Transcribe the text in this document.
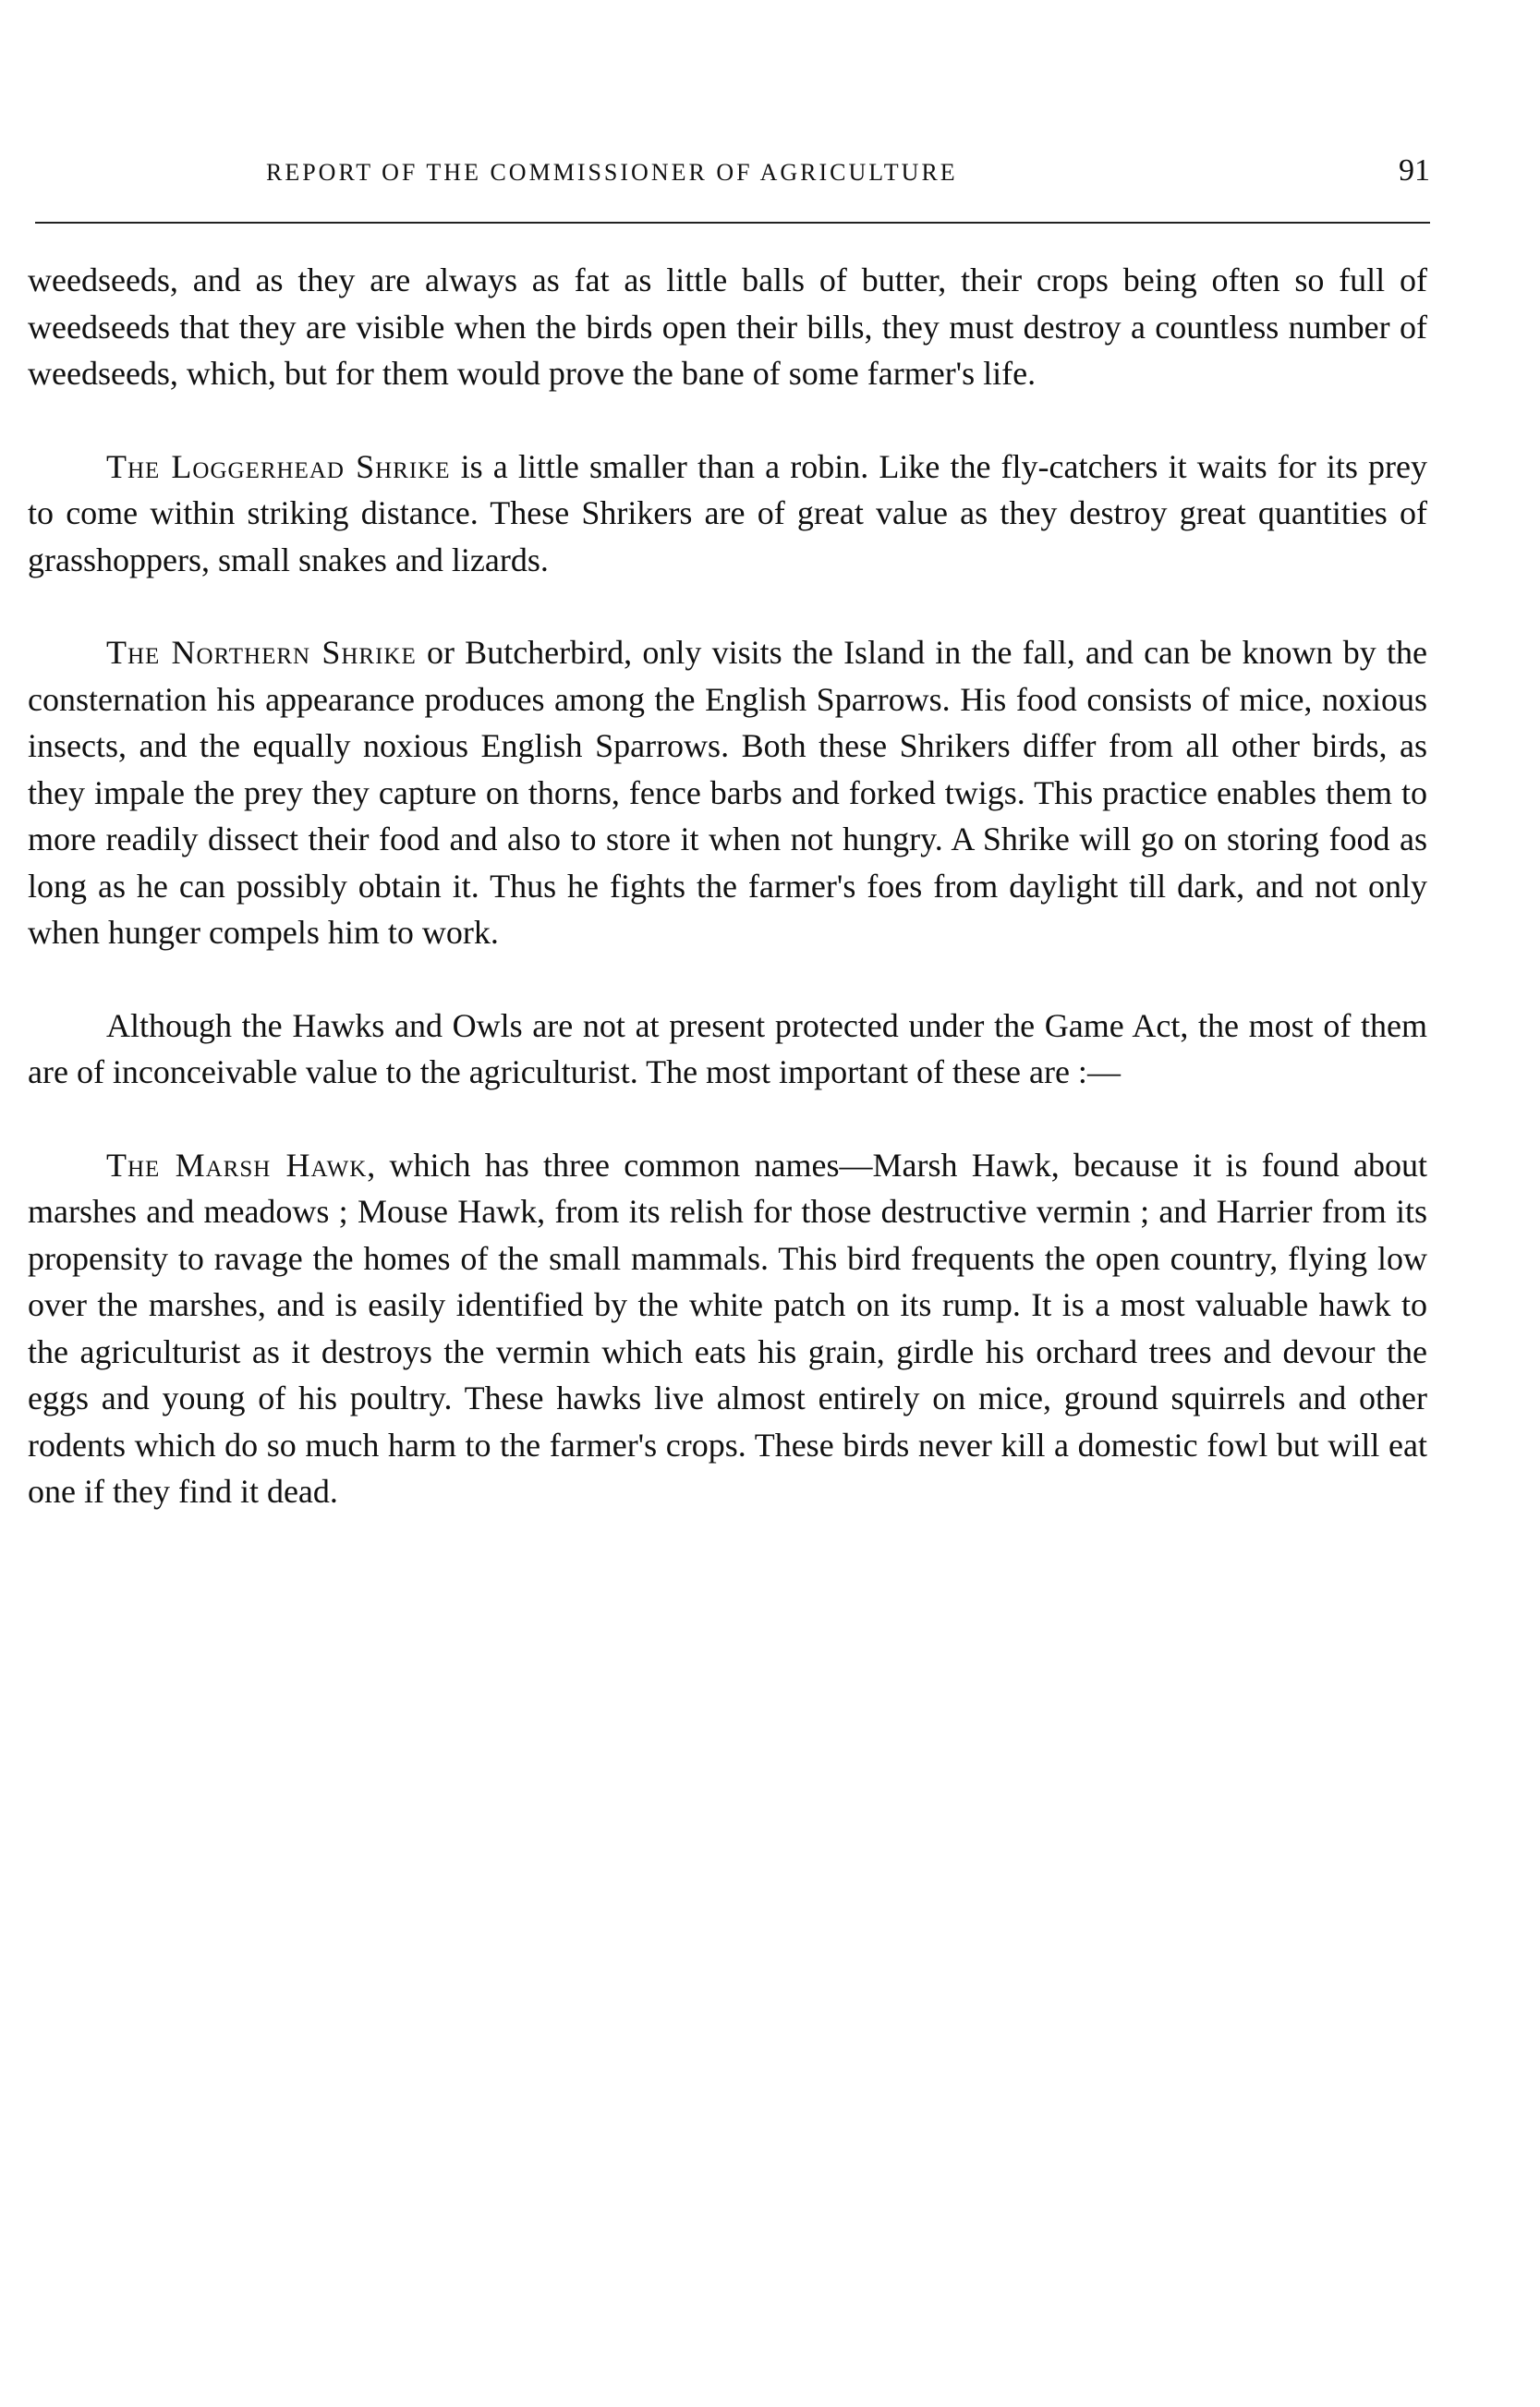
REPORT OF THE COMMISSIONER OF AGRICULTURE	91

weedseeds, and as they are always as fat as little balls of butter, their crops being often so full of weedseeds that they are visible when the birds open their bills, they must destroy a countless number of weedseeds, which, but for them would prove the bane of some farmer's life.

The Loggerhead Shrike is a little smaller than a robin. Like the fly-catchers it waits for its prey to come within striking distance. These Shrikers are of great value as they destroy great quantities of grasshoppers, small snakes and lizards.

The Northern Shrike or Butcherbird, only visits the Island in the fall, and can be known by the consternation his appearance produces among the English Sparrows. His food consists of mice, noxious insects, and the equally noxious English Sparrows. Both these Shrikers differ from all other birds, as they impale the prey they capture on thorns, fence barbs and forked twigs. This practice enables them to more readily dissect their food and also to store it when not hungry. A Shrike will go on storing food as long as he can possibly obtain it. Thus he fights the farmer's foes from daylight till dark, and not only when hunger compels him to work.

Although the Hawks and Owls are not at present protected under the Game Act, the most of them are of inconceivable value to the agriculturist. The most important of these are :—

The Marsh Hawk, which has three common names—Marsh Hawk, because it is found about marshes and meadows ; Mouse Hawk, from its relish for those destructive vermin ; and Harrier from its propensity to ravage the homes of the small mammals. This bird frequents the open country, flying low over the marshes, and is easily identified by the white patch on its rump. It is a most valuable hawk to the agriculturist as it destroys the vermin which eats his grain, girdle his orchard trees and devour the eggs and young of his poultry. These hawks live almost entirely on mice, ground squirrels and other rodents which do so much harm to the farmer's crops. These birds never kill a domestic fowl but will eat one if they find it dead.
